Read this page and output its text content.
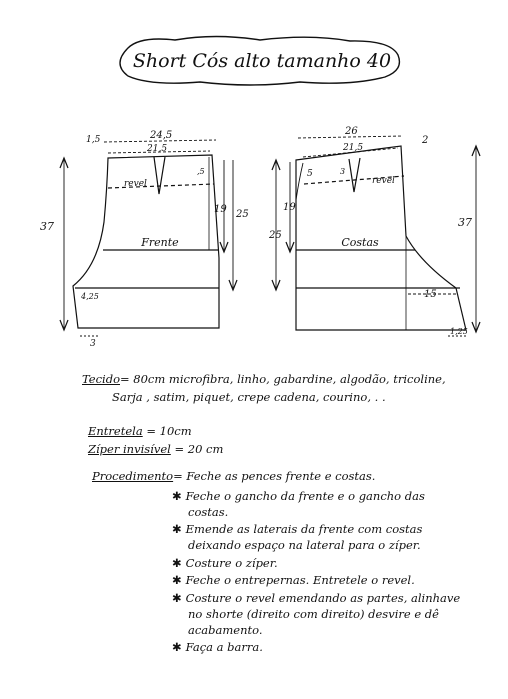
Short Cós alto tamanho 40
Frente
revel
24,5
21,5
1,5
,5
37
19 25
4,25
3
Costas
revel
26
21,5
2
3
5
19
25
37
15
1,25
Tecido= 80cm microfibra, linho, gabardine, algodão, tricoline,
Sarja , satim, piquet, crepe cadena, courino, . .
Entretela = 10cm
Zíper invisível = 20 cm
Procedimento= Feche as pences frente e costas.
✱ Feche o gancho da frente e o gancho das
costas.
✱ Emende as laterais da frente com costas
deixando espaço na lateral para o zíper.
✱ Costure o zíper.
✱ Feche o entrepernas. Entretele o revel.
✱ Costure o revel emendando as partes, alinhave
no shorte (direito com direito) desvire e dê
acabamento.
✱ Faça a barra.
